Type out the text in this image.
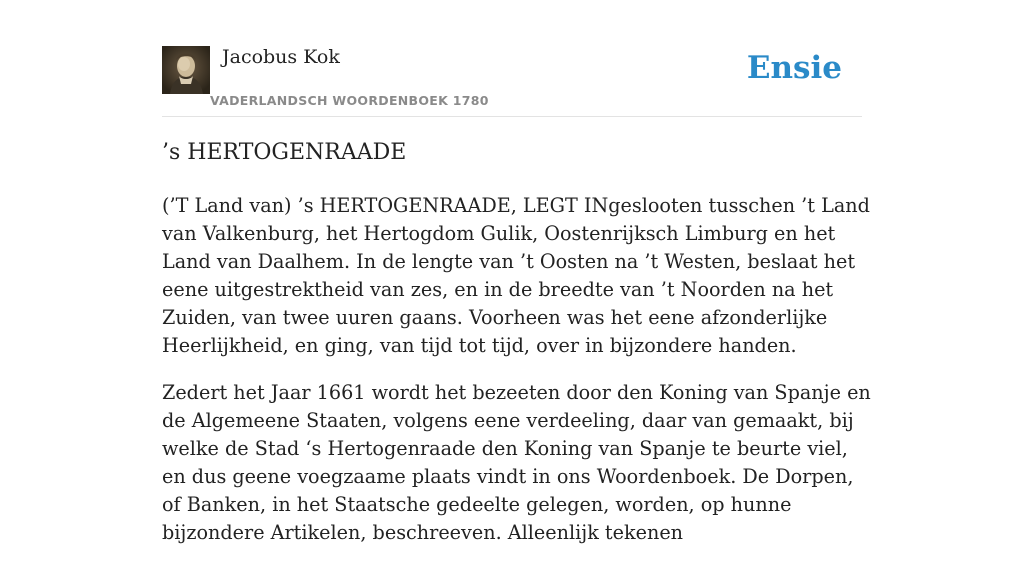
Jacobus Kok
VADERLANDSCH WOORDENBOEK 1780
Ensie
’s HERTOGENRAADE

(’T Land van) ’s HERTOGENRAADE, LEGT INgeslooten tusschen ’t Land van Valkenburg, het Hertogdom Gulik, Oostenrijksch Limburg en het Land van Daalhem. In de lengte van ’t Oosten na ’t Westen, beslaat het eene uitgestrektheid van zes, en in de breedte van ’t Noorden na het Zuiden, van twee uuren gaans. Voorheen was het eene afzonderlijke Heerlijkheid, en ging, van tijd tot tijd, over in bijzondere handen.

Zedert het Jaar 1661 wordt het bezeeten door den Koning van Spanje en de Algemeene Staaten, volgens eene verdeeling, daar van gemaakt, bij welke de Stad ‘s Hertogenraade den Koning van Spanje te beurte viel, en dus geene voegzaame plaats vindt in ons Woordenboek. De Dorpen, of Banken, in het Staatsche gedeelte gelegen, worden, op hunne bijzondere Artikelen, beschreeven. Alleenlijk tekenen
